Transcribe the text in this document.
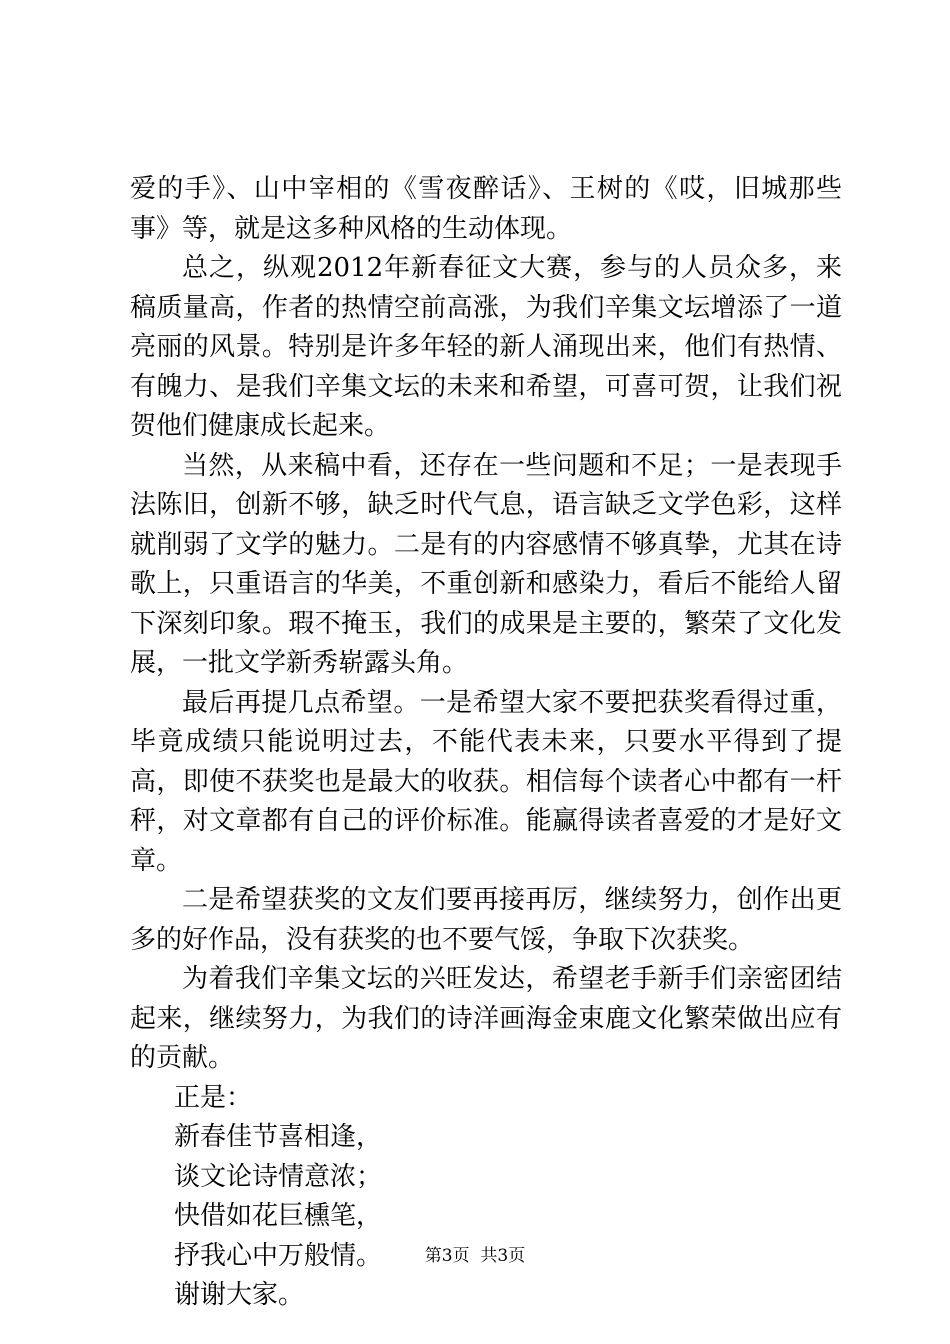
爱的手》、山中宰相的《雪夜醉话》、王树的《哎，旧城那些事》等，就是这多种风格的生动体现。

总之，纵观2012年新春征文大赛，参与的人员众多，来稿质量高，作者的热情空前高涨，为我们辛集文坛增添了一道亮丽的风景。特别是许多年轻的新人涌现出来，他们有热情、有魄力、是我们辛集文坛的未来和希望，可喜可贺，让我们祝贺他们健康成长起来。

当然，从来稿中看，还存在一些问题和不足；一是表现手法陈旧，创新不够，缺乏时代气息，语言缺乏文学色彩，这样就削弱了文学的魅力。二是有的内容感情不够真挚，尤其在诗歌上，只重语言的华美，不重创新和感染力，看后不能给人留下深刻印象。瑕不掩玉，我们的成果是主要的，繁荣了文化发展，一批文学新秀崭露头角。

最后再提几点希望。一是希望大家不要把获奖看得过重，毕竟成绩只能说明过去，不能代表未来，只要水平得到了提高，即使不获奖也是最大的收获。相信每个读者心中都有一杆秤，对文章都有自己的评价标准。能赢得读者喜爱的才是好文章。

二是希望获奖的文友们要再接再厉，继续努力，创作出更多的好作品，没有获奖的也不要气馁，争取下次获奖。

为着我们辛集文坛的兴旺发达，希望老手新手们亲密团结起来，继续努力，为我们的诗洋画海金束鹿文化繁荣做出应有的贡献。

正是：

新春佳节喜相逢，

谈文论诗情意浓；

快借如花巨櫄笔，

抒我心中万般情。

谢谢大家。

第3页  共3页
